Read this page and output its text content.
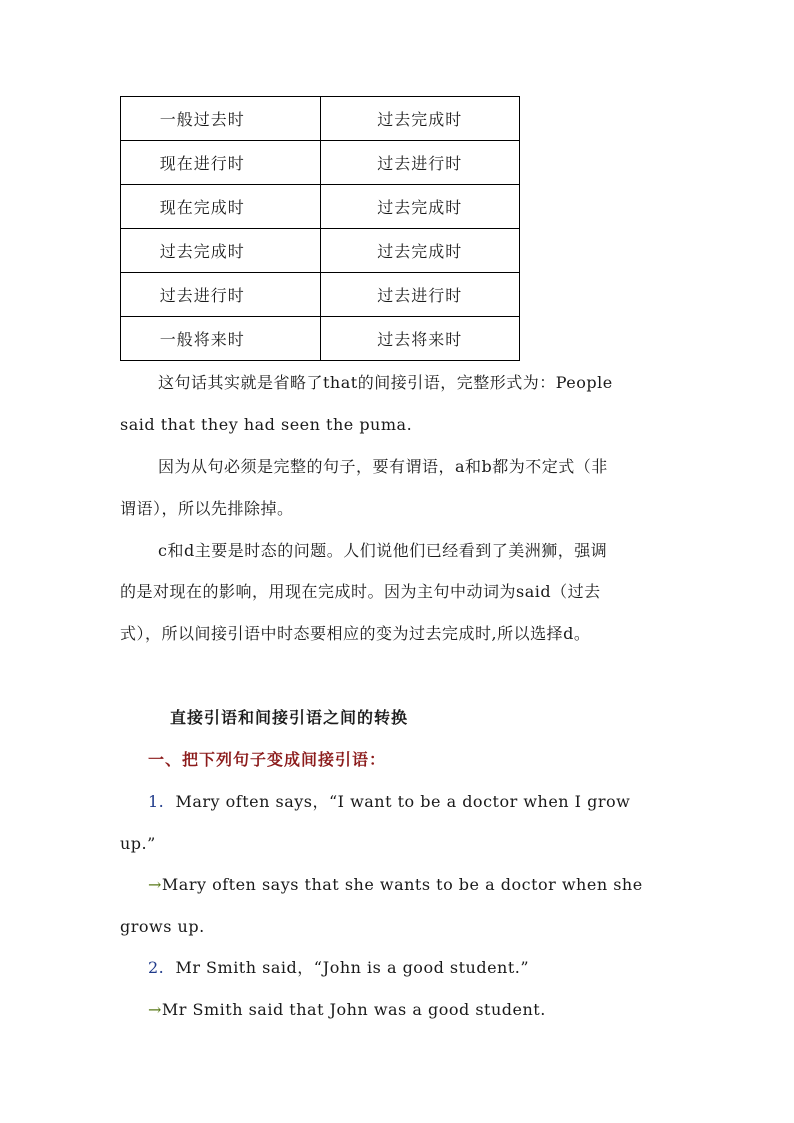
一般过去时	过去完成时
现在进行时	过去进行时
现在完成时	过去完成时
过去完成时	过去完成时
过去进行时	过去进行时
一般将来时	过去将来时
这句话其实就是省略了that的间接引语，完整形式为：People
said that they had seen the puma.
因为从句必须是完整的句子，要有谓语，a和b都为不定式（非
谓语），所以先排除掉。
c和d主要是时态的问题。人们说他们已经看到了美洲狮，强调
的是对现在的影响，用现在完成时。因为主句中动词为said（过去
式），所以间接引语中时态要相应的变为过去完成时,所以选择d。
直接引语和间接引语之间的转换
一、把下列句子变成间接引语：
1. Mary often says，“I want to be a doctor when I grow
up.”
→Mary often says that she wants to be a doctor when she
grows up.
2. Mr Smith said，“John is a good student.”
→Mr Smith said that John was a good student.
